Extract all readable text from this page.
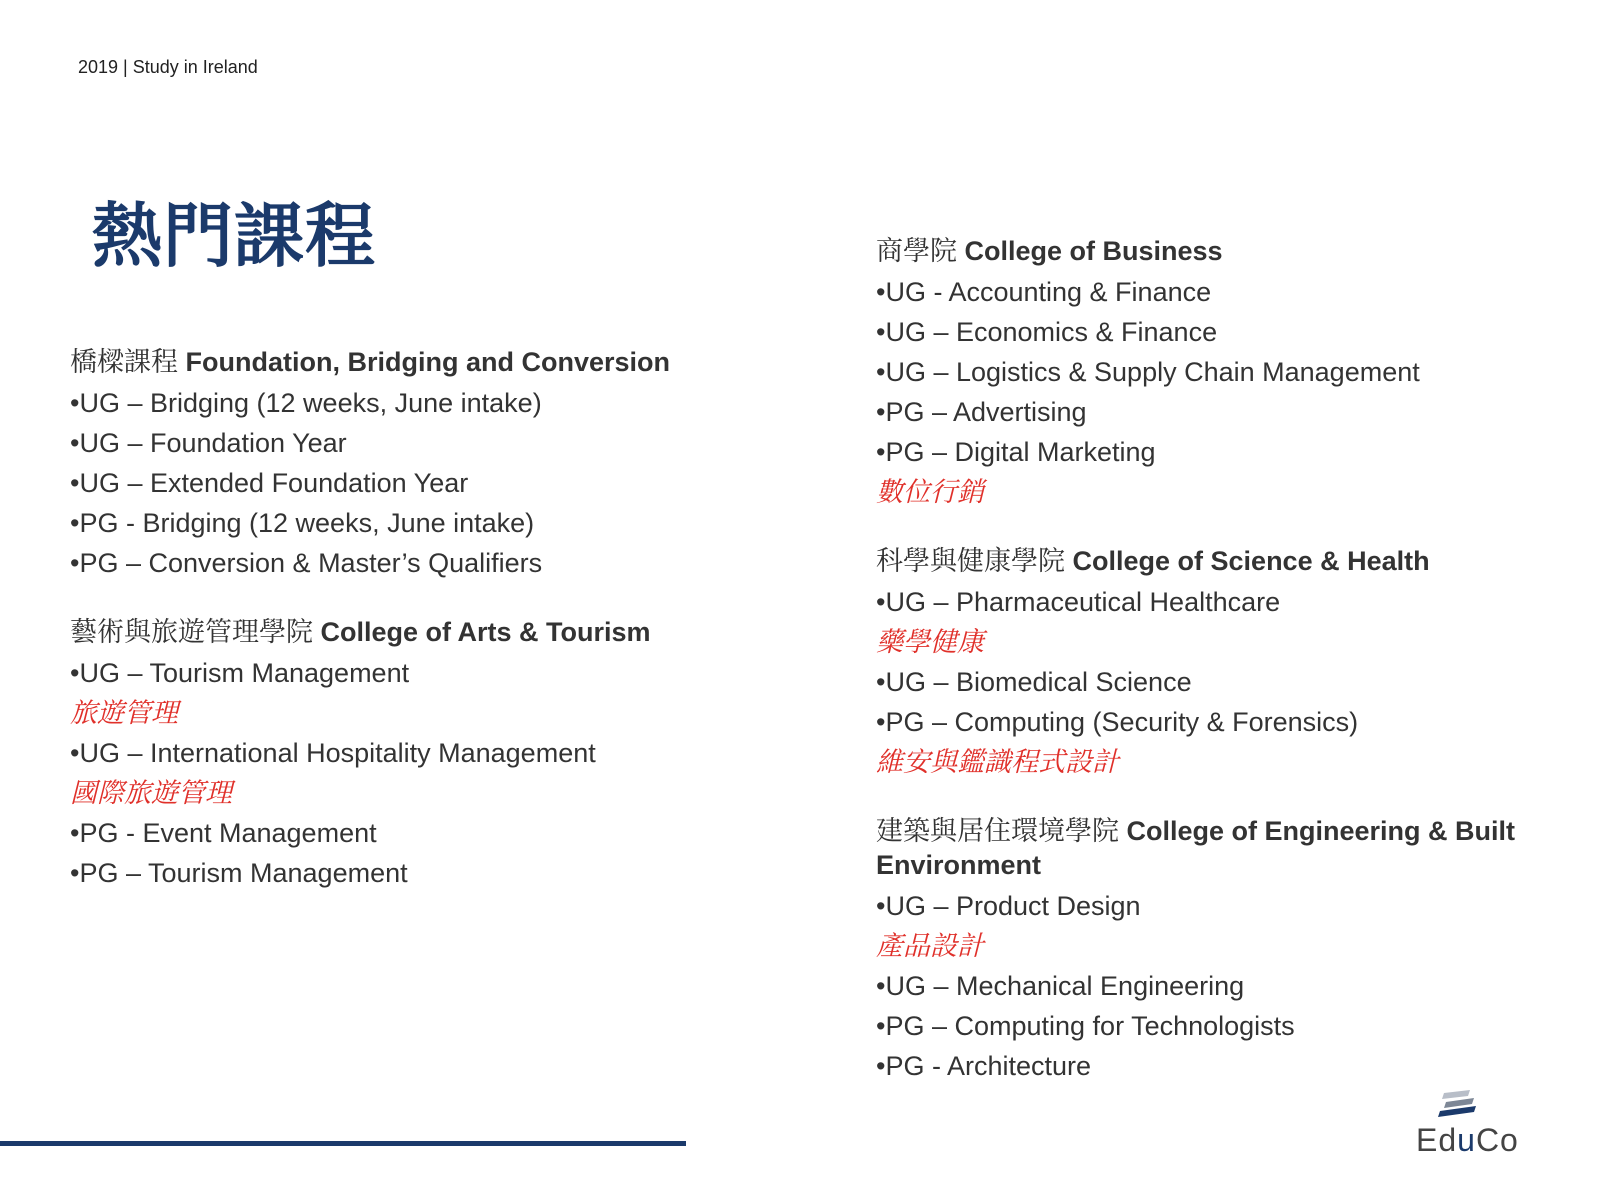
2019 | Study in Ireland
熱門課程
橋樑課程 Foundation, Bridging and Conversion
•UG – Bridging (12 weeks, June intake)
•UG – Foundation Year
•UG – Extended Foundation Year
•PG - Bridging (12 weeks, June intake)
•PG – Conversion & Master’s Qualifiers
藝術與旅遊管理學院 College of Arts & Tourism
•UG – Tourism Management
旅遊管理
•UG – International Hospitality Management
國際旅遊管理
•PG - Event Management
•PG – Tourism Management
商學院 College of Business
•UG - Accounting & Finance
•UG – Economics & Finance
•UG – Logistics & Supply Chain Management
•PG – Advertising
•PG – Digital Marketing
數位行銷
科學與健康學院 College of Science & Health
•UG – Pharmaceutical Healthcare
藥學健康
•UG – Biomedical Science
•PG – Computing (Security & Forensics)
維安與鑑識程式設計
建築與居住環境學院 College of Engineering & Built Environment
•UG – Product Design
產品設計
•UG – Mechanical Engineering
•PG – Computing for Technologists
•PG - Architecture
EduCo
